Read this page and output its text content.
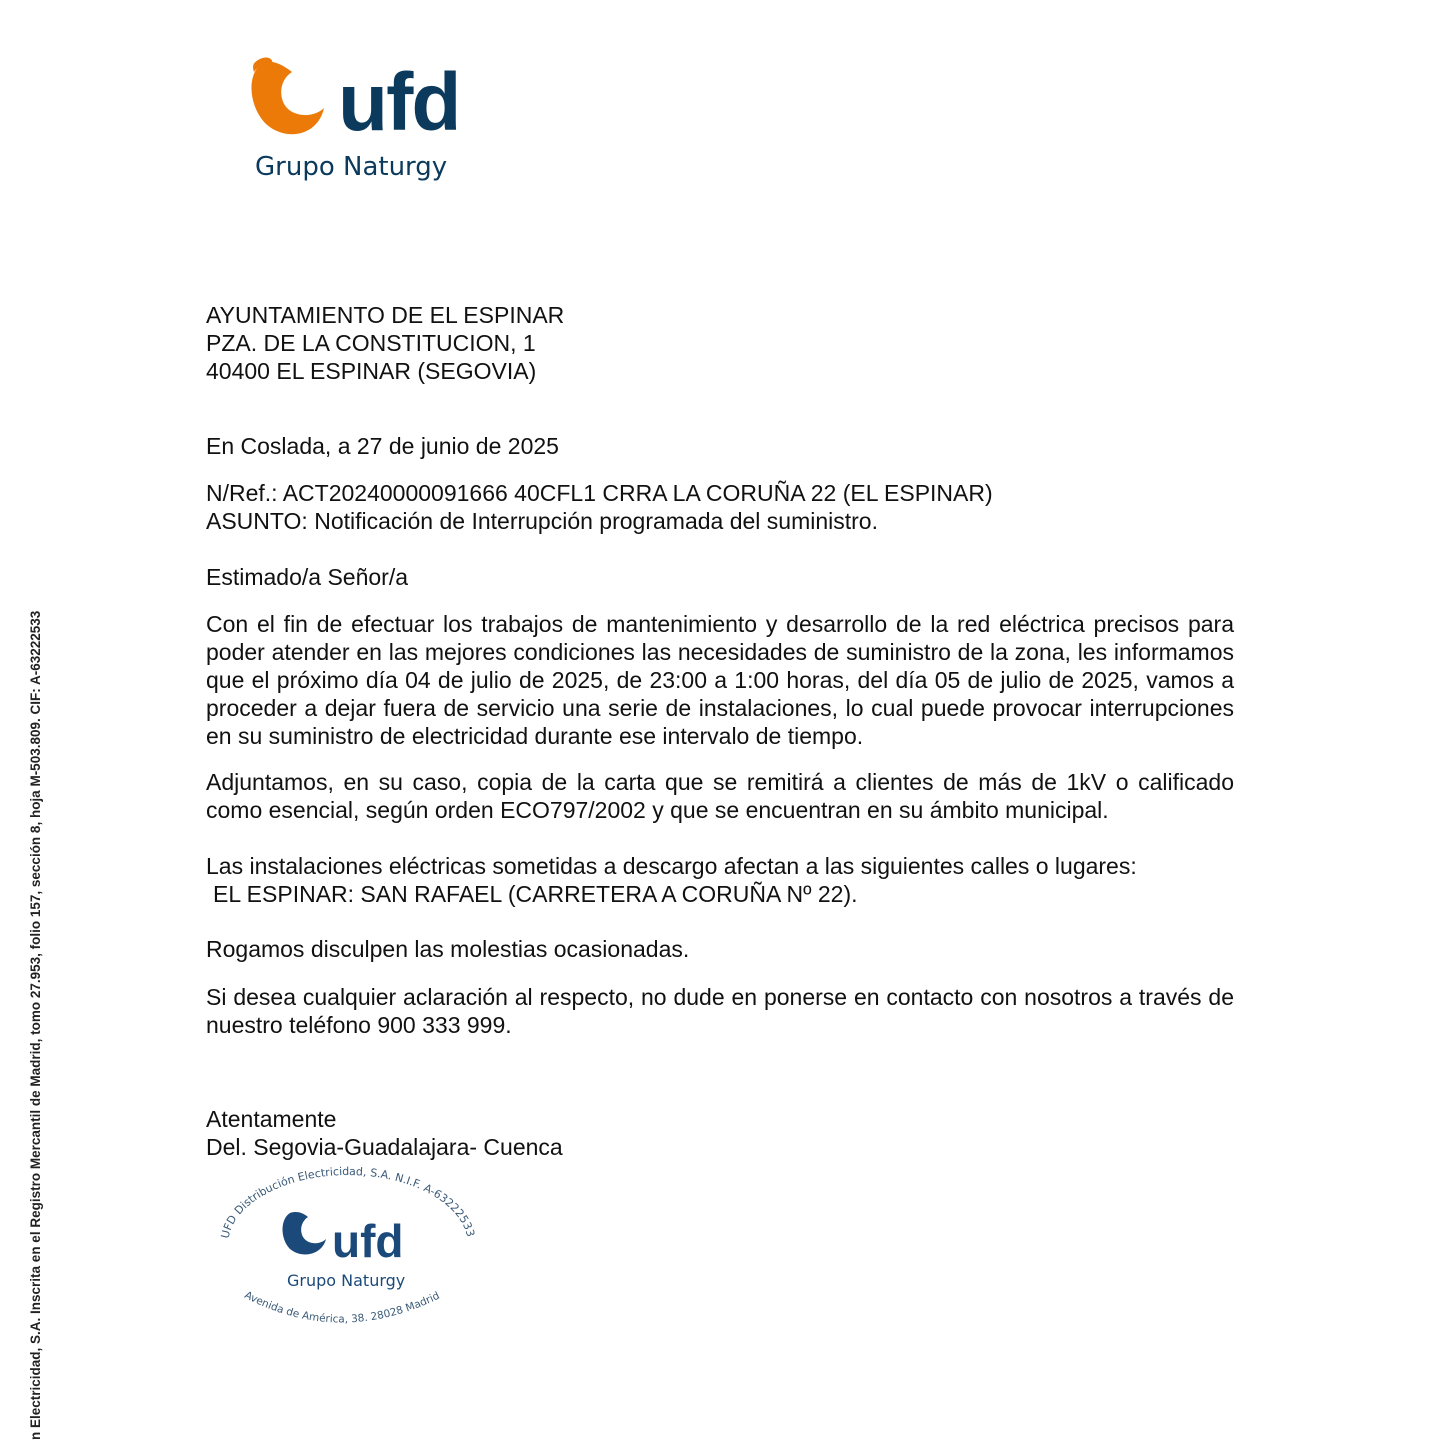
ufd
Grupo Naturgy

AYUNTAMIENTO DE EL ESPINAR

PZA. DE LA CONSTITUCION, 1

40400 EL ESPINAR (SEGOVIA)

En Coslada, a 27 de junio de 2025

N/Ref.: ACT20240000091666 40CFL1 CRRA LA CORUÑA 22 (EL ESPINAR)

ASUNTO: Notificación de Interrupción programada del suministro.

Estimado/a Señor/a

Con el fin de efectuar los trabajos de mantenimiento y desarrollo de la red eléctrica precisos para poder atender en las mejores condiciones las necesidades de suministro de la zona, les informamos que el próximo día 04 de julio de 2025, de 23:00 a 1:00 horas, del día 05 de julio de 2025, vamos a proceder a dejar fuera de servicio una serie de instalaciones, lo cual puede provocar interrupciones en su suministro de electricidad durante ese intervalo de tiempo.

Adjuntamos, en su caso, copia de la carta que se remitirá a clientes de más de 1kV o calificado como esencial, según orden ECO797/2002 y que se encuentran en su ámbito municipal.

Las instalaciones eléctricas sometidas a descargo afectan a las siguientes calles o lugares:

EL ESPINAR: SAN RAFAEL (CARRETERA A CORUÑA Nº 22).

Rogamos disculpen las molestias ocasionadas.

Si desea cualquier aclaración al respecto, no dude en ponerse en contacto con nosotros a través de nuestro teléfono 900 333 999.

Atentamente

Del. Segovia-Guadalajara- Cuenca

UFD Distribución Electricidad, S.A. N.I.F. A-63222533
ufd
Grupo Naturgy
Avenida de América, 38. 28028 Madrid
n Electricidad, S.A. Inscrita en el Registro Mercantil de Madrid, tomo 27.953, folio 157, sección 8, hoja M-503.809. CIF: A-63222533
